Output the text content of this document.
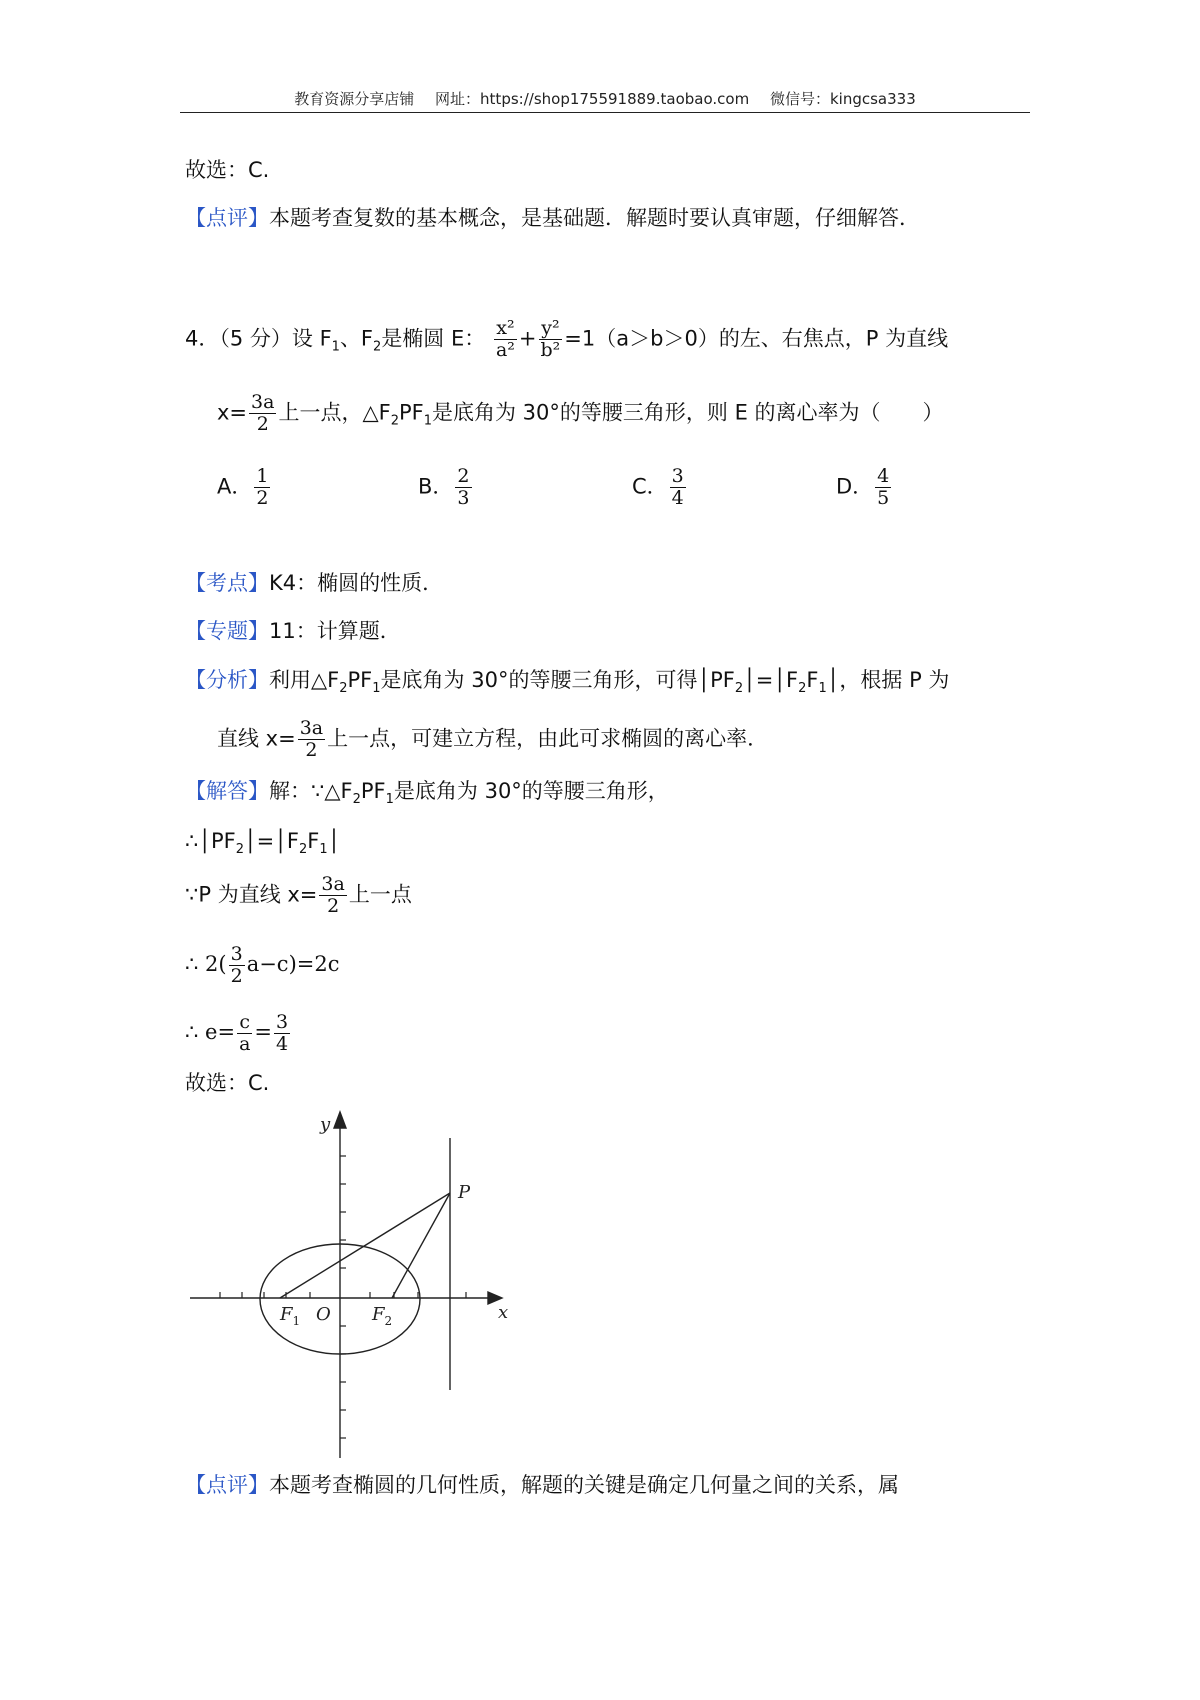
教育资源分享店铺 网址：https://shop175591889.taobao.com 微信号：kingcsa333
故选：C.
【点评】本题考查复数的基本概念，是基础题．解题时要认真审题，仔细解答．
4．（5 分）设 $F_1$、$F_2$是椭圆 E： $\frac{\text{x²}}{\text{a²}} + \frac{\text{y²}}{\text{b²}} =1(a>b>0)$的左、右焦点，P 为直线
$x= \frac{3a}{2}$ 上一点，$\triangle F_2PF_1$是底角为 30°的等腰三角形，则 E 的离心率为（　　）
A． $\frac{1}{2}$	B． $\frac{2}{3}$	C． $\frac{3}{4}$	D． $\frac{4}{5}$
【考点】K4：椭圆的性质．
【专题】11：计算题．
【分析】利用$\triangle F_2PF_1$是底角为 30°的等腰三角形，可得$│PF_2│=│F_2F_1│$，根据 P 为
直线 $x= \frac{3a}{2}$ 上一点，可建立方程，由此可求椭圆的离心率．
【解答】解：$\because\triangle F_2PF_1$是底角为 30°的等腰三角形，
$\therefore│PF_2│=│F_2F_1│$
∵P 为直线 $x= \frac{3a}{2}$ 上一点
∴ $2( \frac{3}{2} a-c)=2c$
∴ $e= \frac{c}{a} = \frac{3}{4}$
故选：C.
y
x
P
O
$F_1$	$F_2$
【点评】本题考查椭圆的几何性质，解题的关键是确定几何量之间的关系，属
